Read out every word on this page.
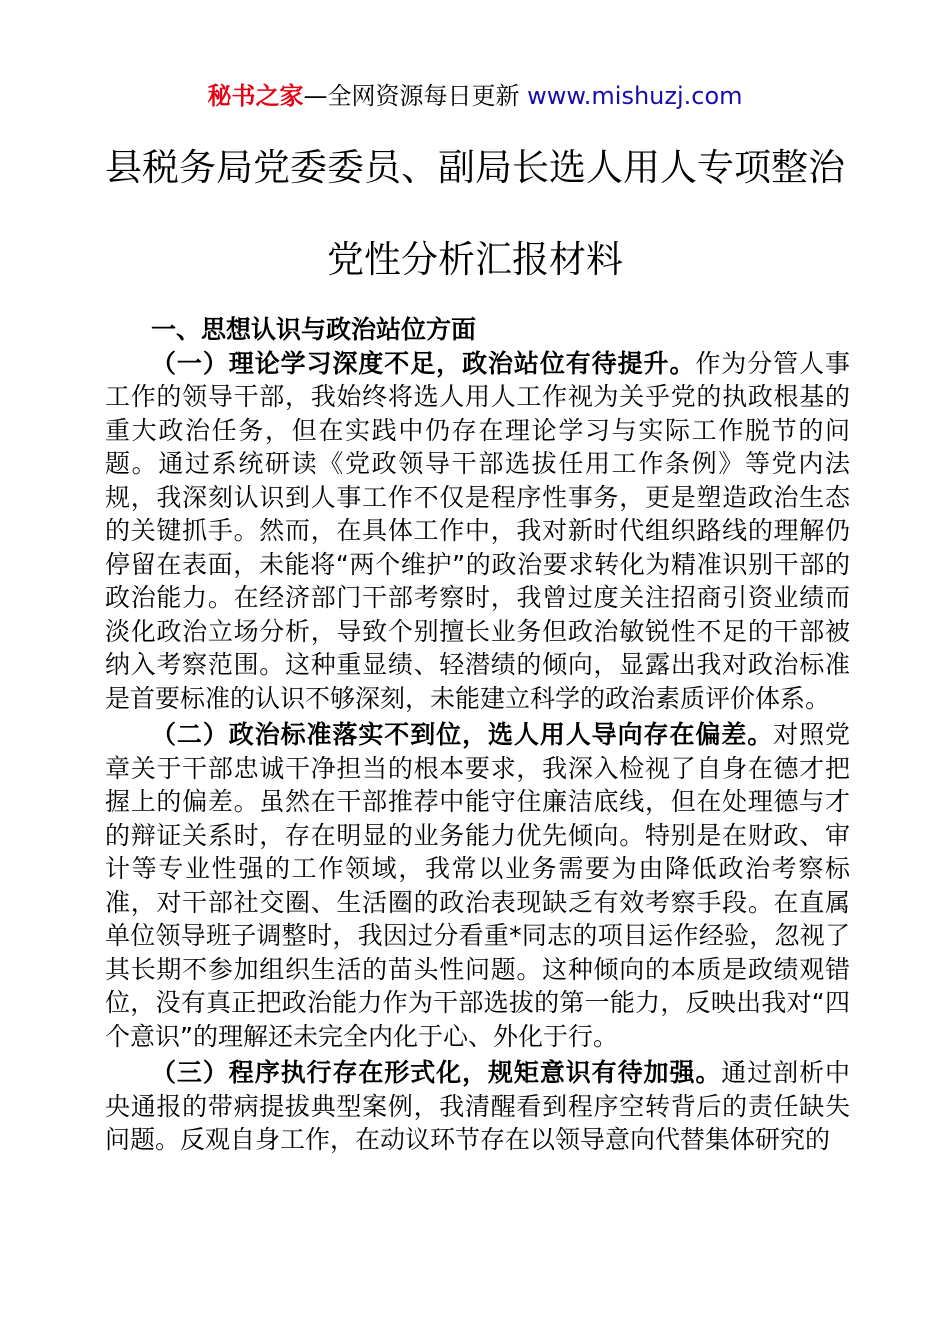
秘书之家—全网资源每日更新 www.mishuzj.com
县税务局党委委员、副局长选人用人专项整治
党性分析汇报材料

一、思想认识与政治站位方面

（一）理论学习深度不足，政治站位有待提升。作为分管人事工作的领导干部，我始终将选人用人工作视为关乎党的执政根基的重大政治任务，但在实践中仍存在理论学习与实际工作脱节的问题。通过系统研读《党政领导干部选拔任用工作条例》等党内法规，我深刻认识到人事工作不仅是程序性事务，更是塑造政治生态的关键抓手。然而，在具体工作中，我对新时代组织路线的理解仍停留在表面，未能将“两个维护”的政治要求转化为精准识别干部的政治能力。在经济部门干部考察时，我曾过度关注招商引资业绩而淡化政治立场分析，导致个别擅长业务但政治敏锐性不足的干部被纳入考察范围。这种重显绩、轻潜绩的倾向，显露出我对政治标准是首要标准的认识不够深刻，未能建立科学的政治素质评价体系。

（二）政治标准落实不到位，选人用人导向存在偏差。对照党章关于干部忠诚干净担当的根本要求，我深入检视了自身在德才把握上的偏差。虽然在干部推荐中能守住廉洁底线，但在处理德与才的辩证关系时，存在明显的业务能力优先倾向。特别是在财政、审计等专业性强的工作领域，我常以业务需要为由降低政治考察标准，对干部社交圈、生活圈的政治表现缺乏有效考察手段。在直属单位领导班子调整时，我因过分看重*同志的项目运作经验，忽视了其长期不参加组织生活的苗头性问题。这种倾向的本质是政绩观错位，没有真正把政治能力作为干部选拔的第一能力，反映出我对“四个意识”的理解还未完全内化于心、外化于行。

（三）程序执行存在形式化，规矩意识有待加强。通过剖析中央通报的带病提拔典型案例，我清醒看到程序空转背后的责任缺失问题。反观自身工作，在动议环节存在以领导意向代替集体研究的
